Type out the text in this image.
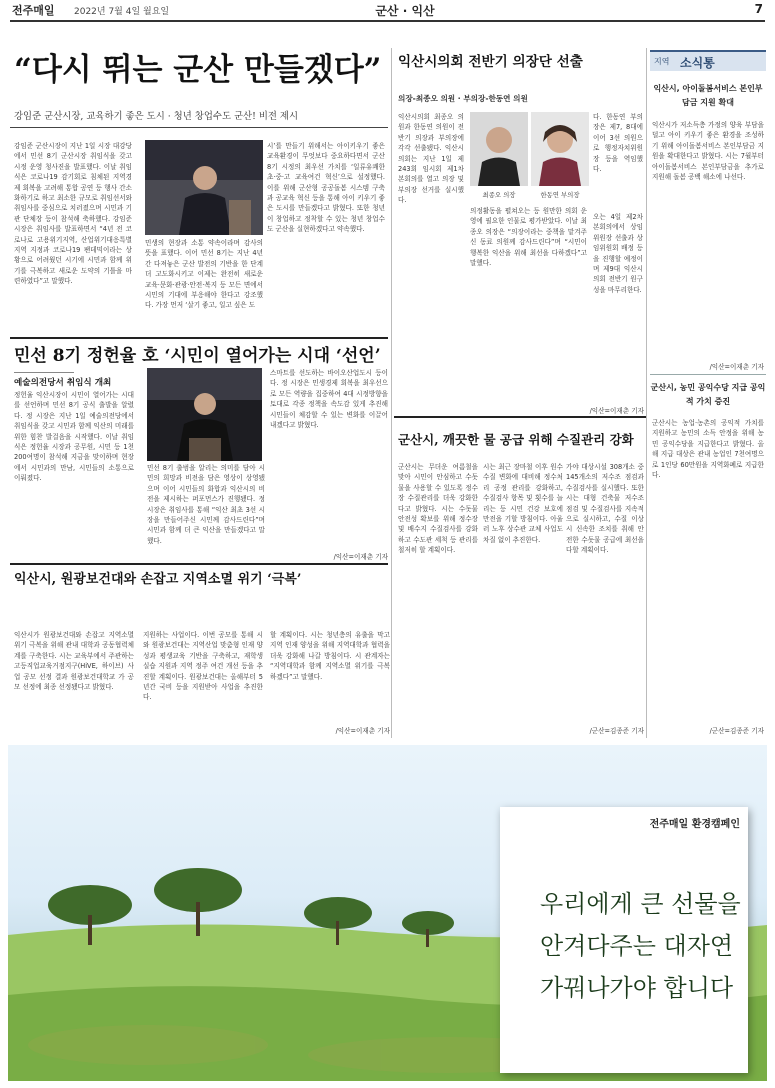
전주매일 2022년 7월 4일 월요일	군산 · 익산	7
“다시 뛰는 군산 만들겠다”
강임준 군산시장, 교육하기 좋은 도시 · 청년 창업수도 군산! 비전 제시
강임준 군산시장이 지난 1일 시장 대강당에서 민선 8기 군산시장 취임식을 갖고 시정 운영 청사진을 발표했다. 이날 취임식은 코로나19 감기회로 침체된 지역경제 회복을 고려해 통합 공연 등 행사 간소화하기로 하고 최소한 규모로 취임선서와 취임사를 중심으로 치러졌으며 시민과 기관 단체장 등이 참석해 축하했다. 강임준 시장은 취임사를 발표하면서 “4년 전 코로나로 고용위기지역, 산업위기대응특별지역 지정과 코로나19 팬데믹이라는 상황으로 어려웠던 시기에 시민과 함께 위기를 극복하고 새로운 도약의 기틀을 마련하였다”고 말했다.
민생의 현장과 소통 약속이라며 감사의 뜻을 표했다. 이어 민선 8기는 지난 4년간 다져놓은 군산 발전의 기반을 한 단계 더 고도화시키고 이제는 완전히 새로운 교육·문화·관광·안전·복지 등 모든 면에서 시민의 기대에 부응해야 한다고 강조했다. 가장 먼저 ‘살기 좋고, 일고 싶은 도
시’를 만들기 위해서는 아이키우기 좋은 교육환경이 무엇보다 중요하다면서 군산 8기 시정의 최우선 가치를 ‘일류유쾌한 초·중·고 교육여건 혁신’으로 설정했다. 이를 위해 군산형 공공돌봄 시스템 구축과 공교육 혁신 등을 통해 아이 키우기 좋은 도시를 만들겠다고 밝혔다. 또한 청년이 창업하고 정착할 수 있는 청년 창업수도 군산을 실현하겠다고 약속했다.
민선 8기 정헌율 호 ‘시민이 열어가는 시대 ‘선언’
예술의전당서 취임식 개최
정헌율 익산시장이 시민이 열어가는 시대를 선언하며 민선 8기 공식 출발을 알렸다. 정 시장은 지난 1일 예술의전당에서 취임식을 갖고 시민과 함께 익산의 미래를 위한 힘찬 발걸음을 시작했다. 이날 취임식은 정헌율 시장과 공무원, 시민 등 1천200여명이 참석해 지금을 맞이하며 현장에서 시민과의 만남, 시민들의 소통으로 이뤄졌다.
민선 8기 출범을 알리는 의미를 담아 시민의 희망과 비전을 담은 영상이 상영됐으며 이어 시민들의 화합과 익산시의 비전을 제시하는 퍼포먼스가 진행됐다. 정 시장은 취임사를 통해 “익산 최초 3선 시장을 만들어주신 시민께 감사드린다”며 시민과 함께 더 큰 익산을 만들겠다고 말했다.
스마트를 선도하는 바이오산업도시 등이다. 정 시장은 민생경제 회복을 최우선으로 모든 역량을 집중하여 4대 시정방향을 토대로 각종 정책을 속도감 있게 추진해 시민들이 체감할 수 있는 변화를 이끌어내겠다고 밝혔다.
/익산=이재춘 기자
익산시, 원광보건대와 손잡고 지역소멸 위기 ‘극복’
익산시가 원광보건대와 손잡고 지역소멸 위기 극복을 위해 관내 대학과 공동협력체계를 구축한다. 시는 교육부에서 주관하는 고등직업교육거점지구(HiVE, 하이브) 사업 공모 선정 결과 원광보건대학교 가 공모 선정에 최종 선정됐다고 밝혔다.
지원하는 사업이다. 이번 공모를 통해 시와 원광보건대는 지역산업 맞춤형 인재 양성과 평생교육 기반을 구축하고, 재학생 실습 지원과 지역 정주 여건 개선 등을 추진할 계획이다. 원광보건대는 올해부터 5년간 국비 등을 지원받아 사업을 추진한다.
할 계획이다. 시는 청년층의 유출을 막고 지역 인재 양성을 위해 지역대학과 협력을 더욱 강화해 나갈 방침이다. 시 관계자는 “지역대학과 함께 지역소멸 위기를 극복하겠다”고 말했다.
/익산=이재춘 기자
익산시의회 전반기 의장단 선출
의장-최종오 의원 · 부의장-한동연 의원
익산시의회 최종오 의원과 한동연 의원이 전반기 의장과 부의장에 각각 선출됐다. 익산시의회는 지난 1일 제243회 임시회 제1차 본회의를 열고 의장 및 부의장 선거를 실시했다.
최종오 의장	한동연 부의장
다. 한동연 부의장은 제7, 8대에 이어 3선 의원으로 행정자치위원장 등을 역임했다.
의정활동을 펼쳐오는 등 원만한 의회 운영에 필요한 인물로 평가받았다. 이날 최종오 의장은 “의장이라는 중책을 맡겨주신 동료 의원께 감사드린다”며 “시민이 행복한 익산을 위해 최선을 다하겠다”고 말했다.
오는 4일 제2차 본회의에서 상임위원장 선출과 상임위원회 배정 등을 진행할 예정이며 제9대 익산시의회 전반기 원구성을 마무리한다.
/익산=이재춘 기자
군산시, 깨끗한 물 공급 위해 수질관리 강화
군산시는 무더운 여름철을 맞아 시민이 안심하고 수돗물을 사용할 수 있도록 정수장 수질관리를 더욱 강화한다고 밝혔다. 시는 수돗물 안전성 확보를 위해 정수장 및 배수지 수질검사를 강화하고 수도관 세척 등 관리를 철저히 할 계획이다.
시는 최근 장마철 이후 원수 수질 변화에 대비해 정수처리 공정 관리를 강화하고, 수질검사 항목 및 횟수를 늘리는 등 시민 건강 보호에 만전을 기할 방침이다. 아울러 노후 상수관 교체 사업도 차질 없이 추진한다.
가야 대상시설 308개소 중 145개소의 저수조 점검과 수질검사를 실시했다. 또한 시는 대형 건축물 저수조 점검 및 수질검사를 지속적으로 실시하고, 수질 이상 시 신속한 조치를 취해 안전한 수돗물 공급에 최선을 다할 계획이다.
/군산=김종준 기자
지역 소식통
익산시, 아이돌봄서비스 본인부담금 지원 확대
익산시가 저소득층 가정의 양육 부담을 덜고 아이 키우기 좋은 환경을 조성하기 위해 아이돌봄서비스 본인부담금 지원을 확대한다고 밝혔다. 시는 7월부터 아이돌봄서비스 본인부담금을 추가로 지원해 돌봄 공백 해소에 나선다.
/익산=이재춘 기자
군산시, 농민 공익수당 지급 공익적 가치 증진
군산시는 농업·농촌의 공익적 가치를 지원하고 농민의 소득 안정을 위해 농민 공익수당을 지급한다고 밝혔다. 올해 지급 대상은 관내 농업인 7천여명으로 1인당 60만원을 지역화폐로 지급한다.
/군산=김종준 기자
전주매일 환경캠페인
우리에게 큰 선물을
안겨다주는 대자연
가꿔나가야 합니다
